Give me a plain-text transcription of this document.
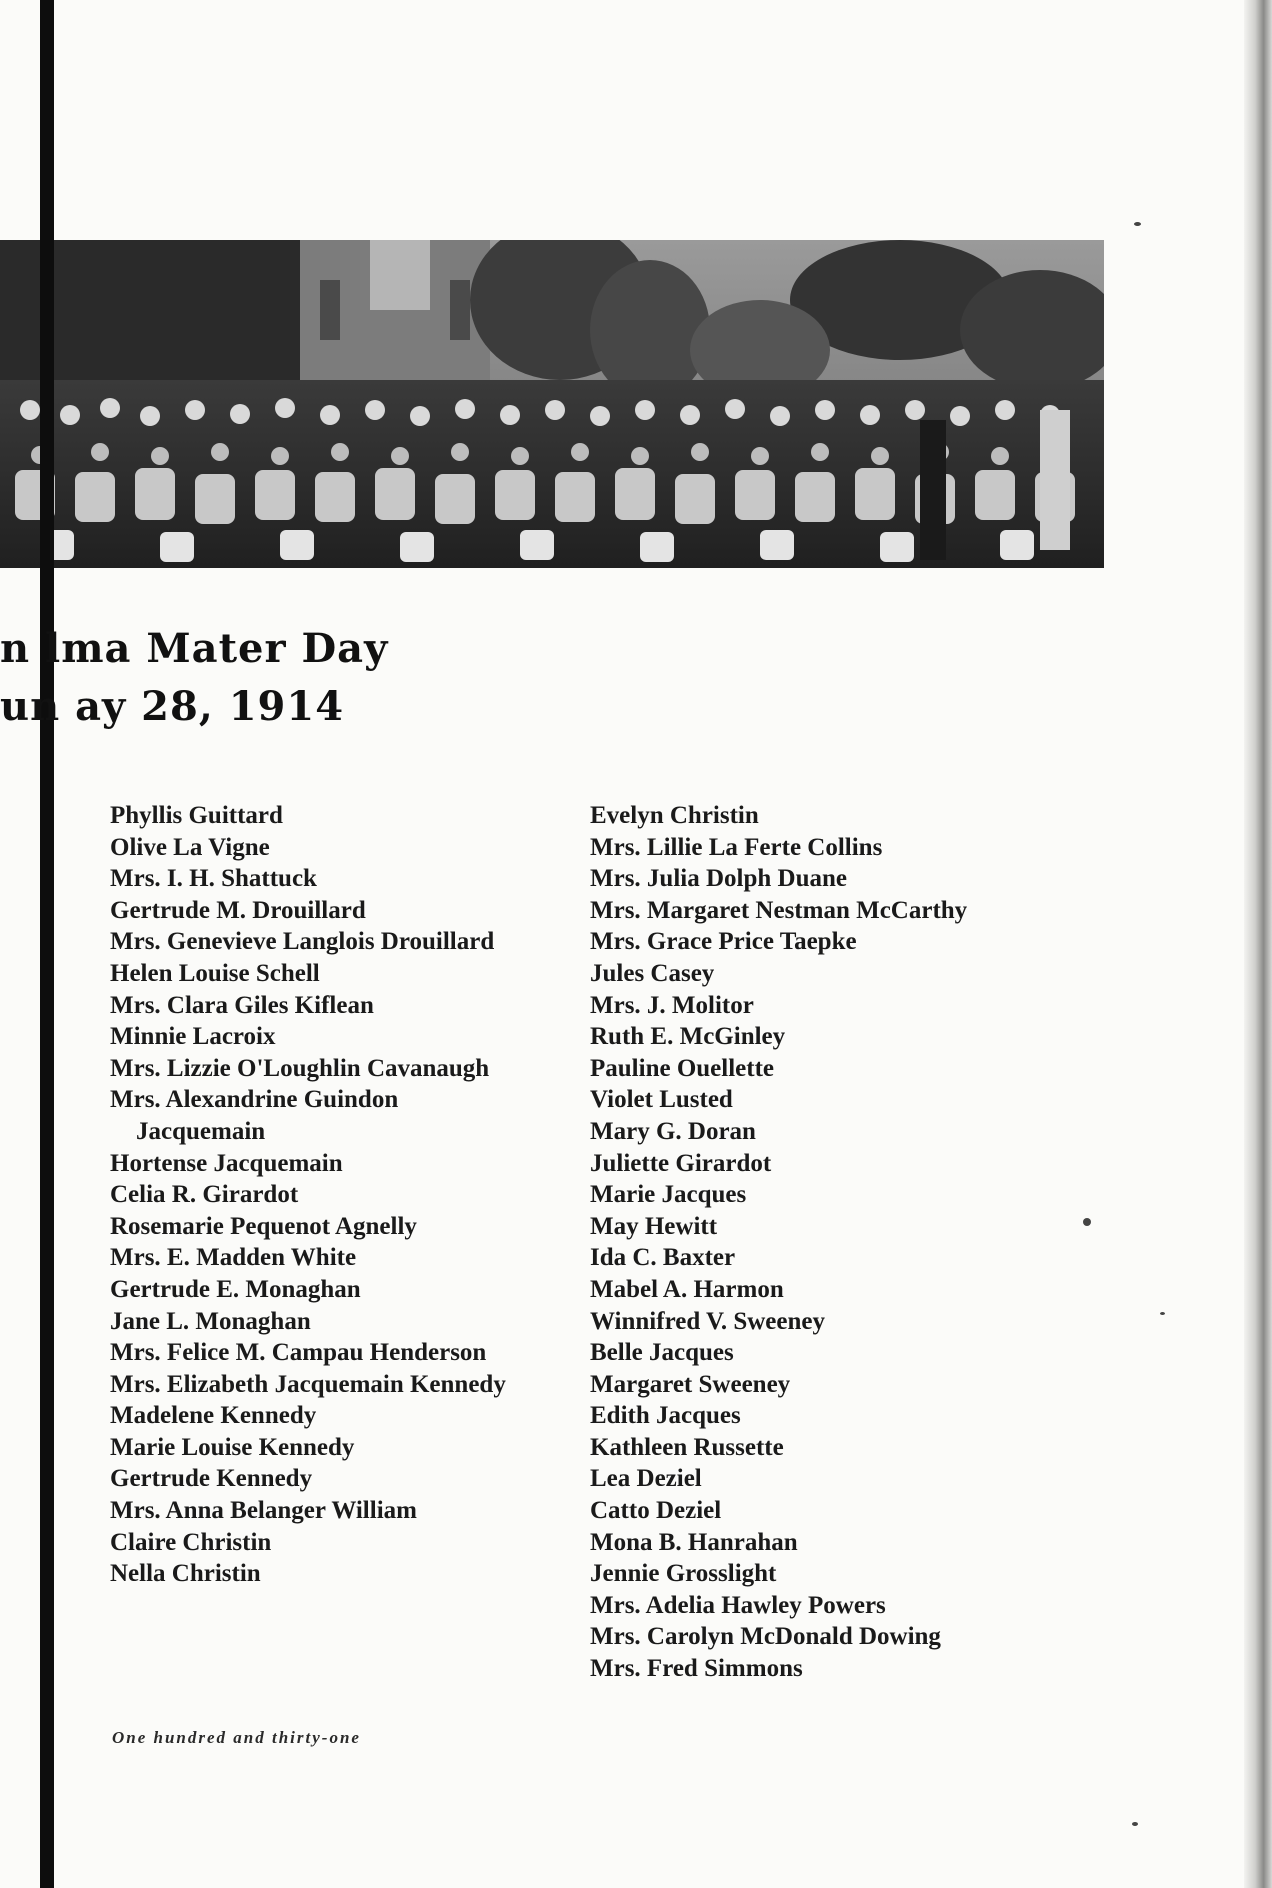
n lma Mater Day
un ay 28, 1914
Phyllis Guittard
Olive La Vigne
Mrs. I. H. Shattuck
Gertrude M. Drouillard
Mrs. Genevieve Langlois Drouillard
Helen Louise Schell
Mrs. Clara Giles Kiflean
Minnie Lacroix
Mrs. Lizzie O'Loughlin Cavanaugh
Mrs. Alexandrine Guindon Jacquemain
Hortense Jacquemain
Celia R. Girardot
Rosemarie Pequenot Agnelly
Mrs. E. Madden White
Gertrude E. Monaghan
Jane L. Monaghan
Mrs. Felice M. Campau Henderson
Mrs. Elizabeth Jacquemain Kennedy
Madelene Kennedy
Marie Louise Kennedy
Gertrude Kennedy
Mrs. Anna Belanger William
Claire Christin
Nella Christin
Evelyn Christin
Mrs. Lillie La Ferte Collins
Mrs. Julia Dolph Duane
Mrs. Margaret Nestman McCarthy
Mrs. Grace Price Taepke
Jules Casey
Mrs. J. Molitor
Ruth E. McGinley
Pauline Ouellette
Violet Lusted
Mary G. Doran
Juliette Girardot
Marie Jacques
May Hewitt
Ida C. Baxter
Mabel A. Harmon
Winnifred V. Sweeney
Belle Jacques
Margaret Sweeney
Edith Jacques
Kathleen Russette
Lea Deziel
Catto Deziel
Mona B. Hanrahan
Jennie Grosslight
Mrs. Adelia Hawley Powers
Mrs. Carolyn McDonald Dowing
Mrs. Fred Simmons
One hundred and thirty-one
